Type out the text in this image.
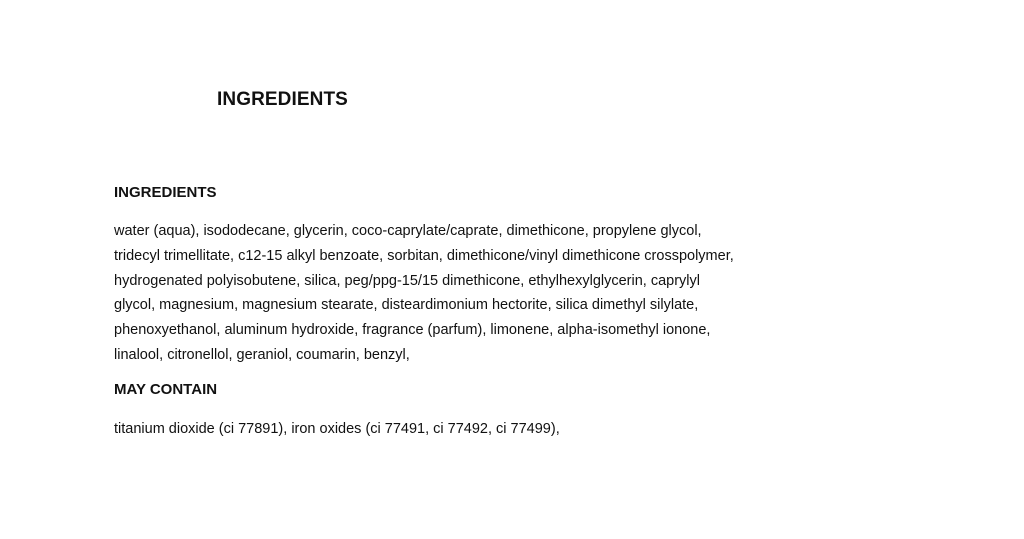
INGREDIENTS
INGREDIENTS

water (aqua), isododecane, glycerin, coco-caprylate/caprate, dimethicone, propylene glycol,
tridecyl trimellitate, c12-15 alkyl benzoate, sorbitan, dimethicone/vinyl dimethicone crosspolymer,
hydrogenated polyisobutene, silica, peg/ppg-15/15 dimethicone, ethylhexylglycerin, caprylyl
glycol, magnesium, magnesium stearate, disteardimonium hectorite, silica dimethyl silylate,
phenoxyethanol, aluminum hydroxide, fragrance (parfum), limonene, alpha-isomethyl ionone,
linalool, citronellol, geraniol, coumarin, benzyl,

MAY CONTAIN

titanium dioxide (ci 77891), iron oxides (ci 77491, ci 77492, ci 77499),
